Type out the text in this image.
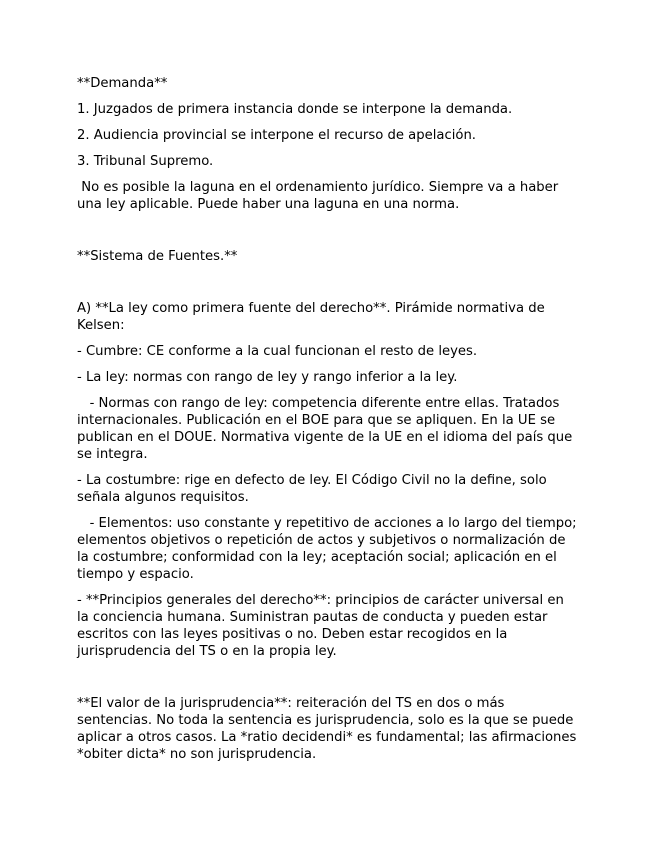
**Demanda**

1. Juzgados de primera instancia donde se interpone la demanda.

2. Audiencia provincial se interpone el recurso de apelación.

3. Tribunal Supremo.

No es posible la laguna en el ordenamiento jurídico. Siempre va a haber una ley aplicable. Puede haber una laguna en una norma.

**Sistema de Fuentes.**

A) **La ley como primera fuente del derecho**. Pirámide normativa de Kelsen:

- Cumbre: CE conforme a la cual funcionan el resto de leyes.

- La ley: normas con rango de ley y rango inferior a la ley.

- Normas con rango de ley: competencia diferente entre ellas. Tratados internacionales. Publicación en el BOE para que se apliquen. En la UE se publican en el DOUE. Normativa vigente de la UE en el idioma del país que se integra.

- La costumbre: rige en defecto de ley. El Código Civil no la define, solo señala algunos requisitos.

- Elementos: uso constante y repetitivo de acciones a lo largo del tiempo; elementos objetivos o repetición de actos y subjetivos o normalización de la costumbre; conformidad con la ley; aceptación social; aplicación en el tiempo y espacio.

- **Principios generales del derecho**: principios de carácter universal en la conciencia humana. Suministran pautas de conducta y pueden estar escritos con las leyes positivas o no. Deben estar recogidos en la jurisprudencia del TS o en la propia ley.

**El valor de la jurisprudencia**: reiteración del TS en dos o más sentencias. No toda la sentencia es jurisprudencia, solo es la que se puede aplicar a otros casos. La *ratio decidendi* es fundamental; las afirmaciones *obiter dicta* no son jurisprudencia.
